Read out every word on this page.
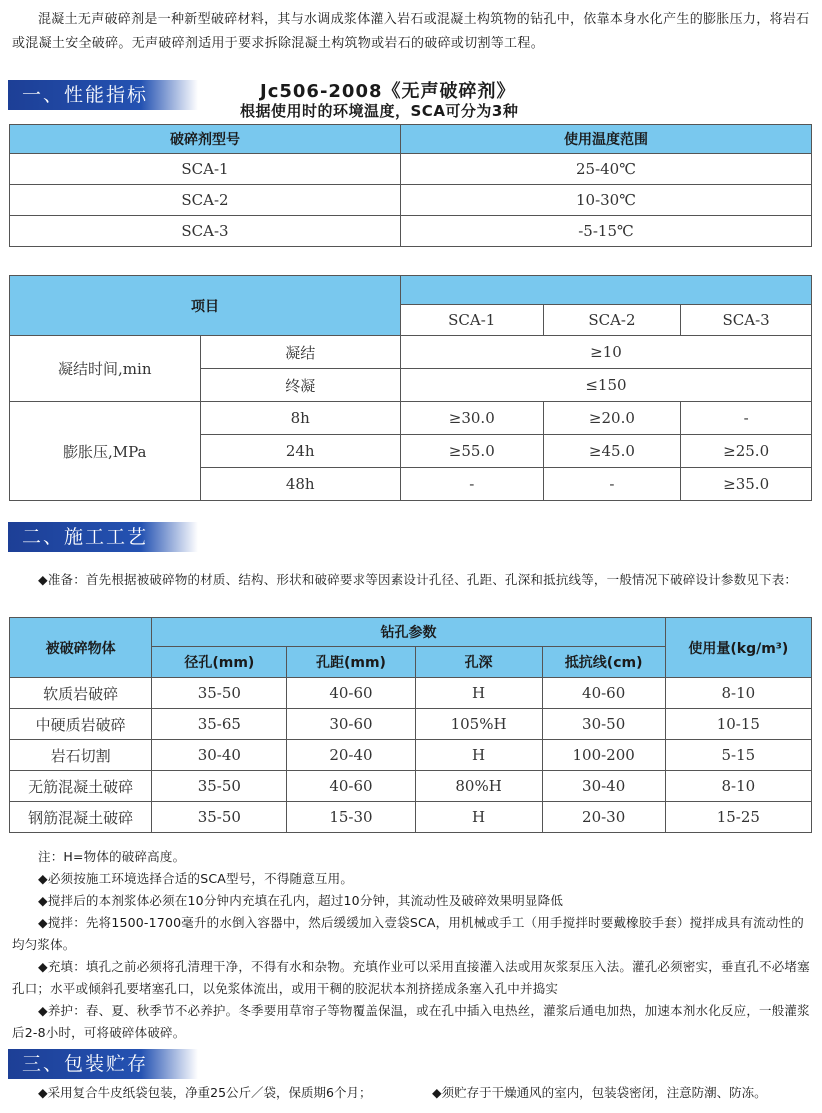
混凝土无声破碎剂是一种新型破碎材料，其与水调成浆体灌入岩石或混凝土构筑物的钻孔中，依靠本身水化产生的膨胀压力，将岩石或混凝土安全破碎。无声破碎剂适用于要求拆除混凝土构筑物或岩石的破碎或切割等工程。

一、性能指标	Jc506-2008《无声破碎剂》
根据使用时的环境温度，SCA可分为3种
破碎剂型号	使用温度范围
SCA-1	25-40℃
SCA-2	10-30℃
SCA-3	-5-15℃
项目				
		SCA-1	SCA-2	SCA-3
凝结时间,min	凝结	≥10		
	终凝	≤150		
膨胀压,MPa	8h	≥30.0	≥20.0	-
	24h	≥55.0	≥45.0	≥25.0
	48h	-	-	≥35.0
二、施工工艺

◆准备：首先根据被破碎物的材质、结构、形状和破碎要求等因素设计孔径、孔距、孔深和抵抗线等，一般情况下破碎设计参数见下表：

被破碎物体	钻孔参数				使用量(kg/m³)
	径孔(mm)	孔距(mm)	孔深	抵抗线(cm)	
软质岩破碎	35-50	40-60	H	40-60	8-10
中硬质岩破碎	35-65	30-60	105%H	30-50	10-15
岩石切割	30-40	20-40	H	100-200	5-15
无筋混凝土破碎	35-50	40-60	80%H	30-40	8-10
钢筋混凝土破碎	35-50	15-30	H	20-30	15-25
注：H=物体的破碎高度。
◆必须按施工环境选择合适的SCA型号，不得随意互用。
◆搅拌后的本剂浆体必须在10分钟内充填在孔内，超过10分钟，其流动性及破碎效果明显降低
◆搅拌：先将1500-1700毫升的水倒入容器中，然后缓缓加入壹袋SCA，用机械或手工（用手搅拌时要戴橡胶手套）搅拌成具有流动性的均匀浆体。
◆充填：填孔之前必须将孔清理干净，不得有水和杂物。充填作业可以采用直接灌入法或用灰浆泵压入法。灌孔必须密实，垂直孔不必堵塞孔口；水平或倾斜孔要堵塞孔口，以免浆体流出，或用干稠的胶泥状本剂挤搓成条塞入孔中并捣实
◆养护：春、夏、秋季节不必养护。冬季要用草帘子等物覆盖保温，或在孔中插入电热丝，灌浆后通电加热，加速本剂水化反应，一般灌浆后2-8小时，可将破碎体破碎。
三、包装贮存
◆采用复合牛皮纸袋包装，净重25公斤／袋，保质期6个月；	◆须贮存于干燥通风的室内，包装袋密闭，注意防潮、防冻。
